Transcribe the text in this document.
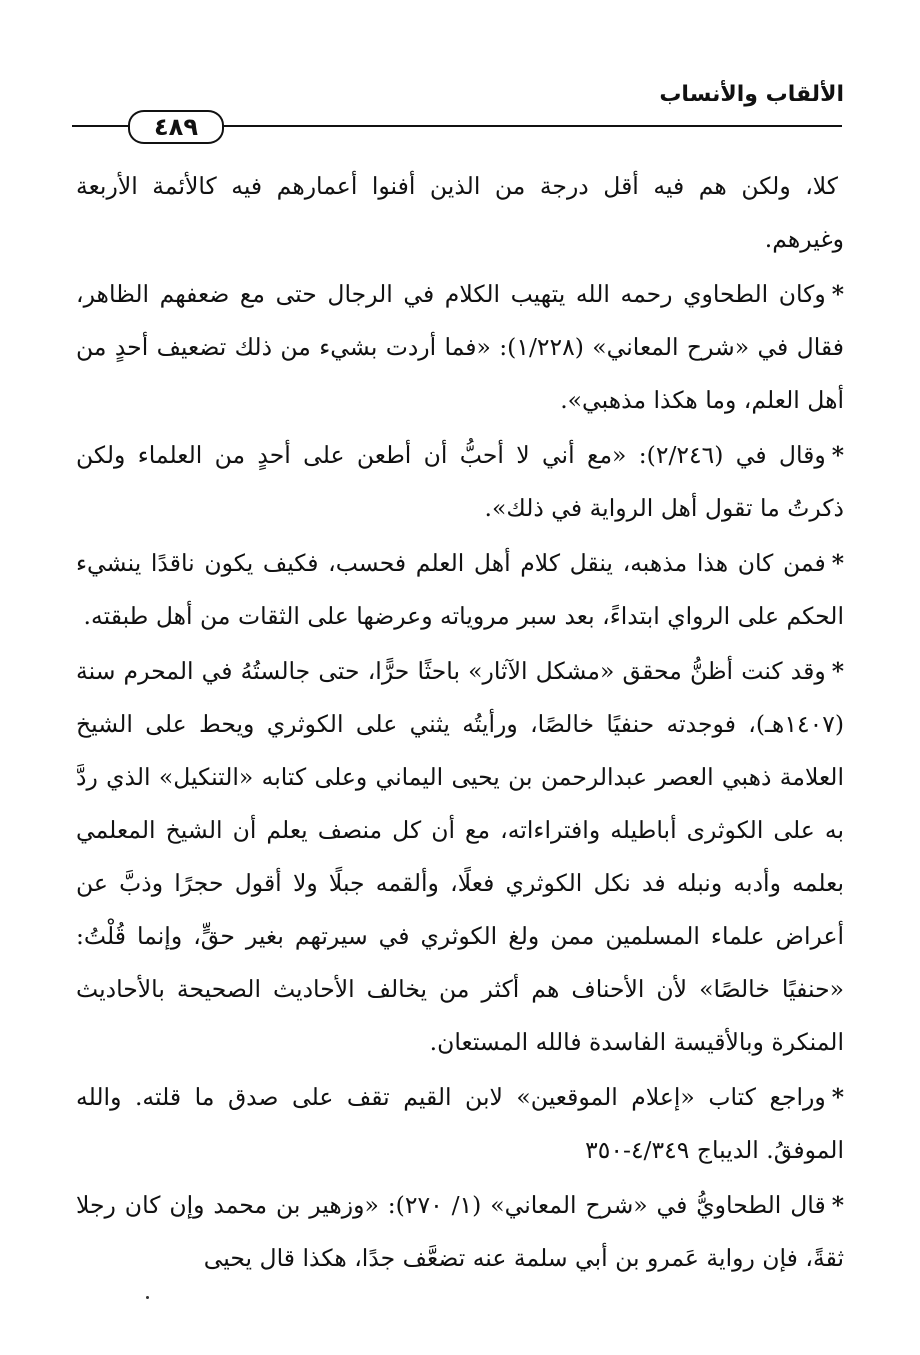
الألقاب والأنساب
٤٨٩

كلا، ولكن هم فيه أقل درجة من الذين أفنوا أعمارهم فيه كالأئمة الأربعة وغيرهم.

*وكان الطحاوي رحمه الله يتهيب الكلام في الرجال حتى مع ضعفهم الظاهر، فقال في «شرح المعاني» (١/٢٢٨): «فما أردت بشيء من ذلك تضعيف أحدٍ من أهل العلم، وما هكذا مذهبي».

*وقال في (٢/٢٤٦): «مع أني لا أحبُّ أن أطعن على أحدٍ من العلماء ولكن ذكرتُ ما تقول أهل الرواية في ذلك».

*فمن كان هذا مذهبه، ينقل كلام أهل العلم فحسب، فكيف يكون ناقدًا ينشيء الحكم على الرواي ابتداءً، بعد سبر مروياته وعرضها على الثقات من أهل طبقته.

*وقد كنت أظنُّ محقق «مشكل الآثار» باحثًا حرًّا، حتى جالستُهُ في المحرم سنة (١٤٠٧هـ)، فوجدته حنفيًا خالصًا، ورأيتُه يثني على الكوثري ويحط على الشيخ العلامة ذهبي العصر عبدالرحمن بن يحيى اليماني وعلى كتابه «التنكيل» الذي ردَّ به على الكوثرى أباطيله وافتراءاته، مع أن كل منصف يعلم أن الشيخ المعلمي بعلمه وأدبه ونبله فد نكل الكوثري فعلًا، وألقمه جبلًا ولا أقول حجرًا وذبَّ عن أعراض علماء المسلمين ممن ولغ الكوثري في سيرتهم بغير حقٍّ، وإنما قُلْتُ: «حنفيًا خالصًا» لأن الأحناف هم أكثر من يخالف الأحاديث الصحيحة بالأحاديث المنكرة وبالأقيسة الفاسدة فالله المستعان.

*وراجع كتاب «إعلام الموقعين» لابن القيم تقف على صدق ما قلته. والله الموفقُ. الديباج ٤/٣٤٩-٣٥٠

*قال الطحاويُّ في «شرح المعاني» (١/ ٢٧٠): «وزهير بن محمد وإن كان رجلا ثقةً، فإن رواية عَمرو بن أبي سلمة عنه تضعَّف جدًا، هكذا قال يحيى
